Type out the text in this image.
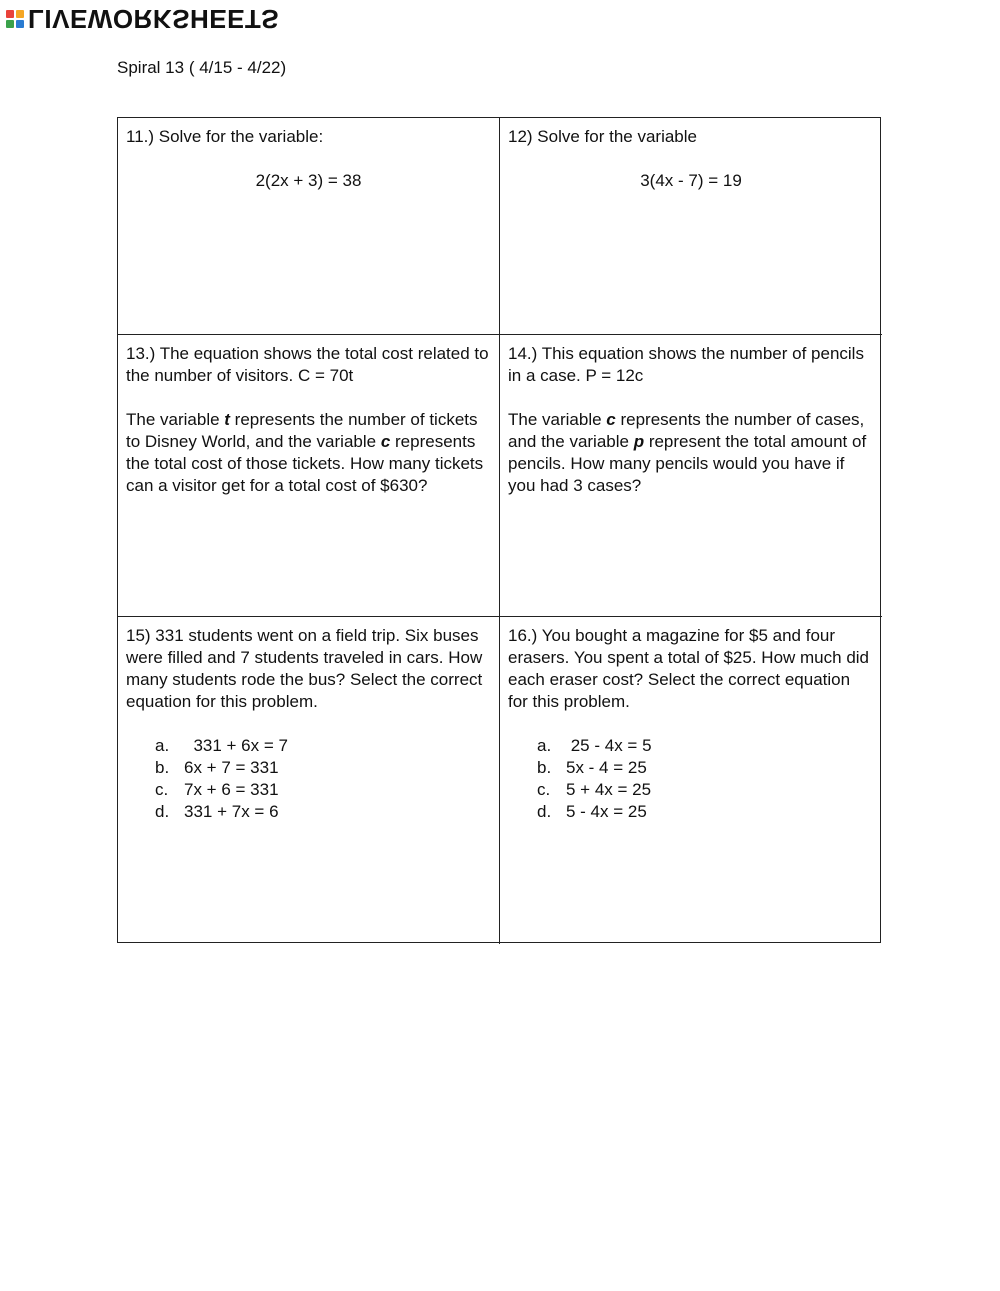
LIVEWORKSHEETS
Spiral 13 ( 4/15 - 4/22)
11.) Solve for the variable:
2(2x + 3) = 38
12) Solve for the variable
3(4x - 7) = 19
13.) The equation shows the total cost related to the number of visitors. C = 70t
The variable t represents the number of tickets to Disney World, and the variable c represents the total cost of those tickets. How many tickets can a visitor get for a total cost of $630?
14.) This equation shows the number of pencils in a case. P = 12c
The variable c represents the number of cases, and the variable p represent the total amount of pencils. How many pencils would you have if you had 3 cases?
15) 331 students went on a field trip. Six buses were filled and 7 students traveled in cars. How many students rode the bus? Select the correct equation for this problem.
a. 331 + 6x = 7
b. 6x + 7 = 331
c. 7x + 6 = 331
d. 331 + 7x = 6
16.) You bought a magazine for $5 and four erasers. You spent a total of $25. How much did each eraser cost? Select the correct equation for this problem.
a. 25 - 4x = 5
b. 5x - 4 = 25
c. 5 + 4x = 25
d. 5 - 4x = 25
